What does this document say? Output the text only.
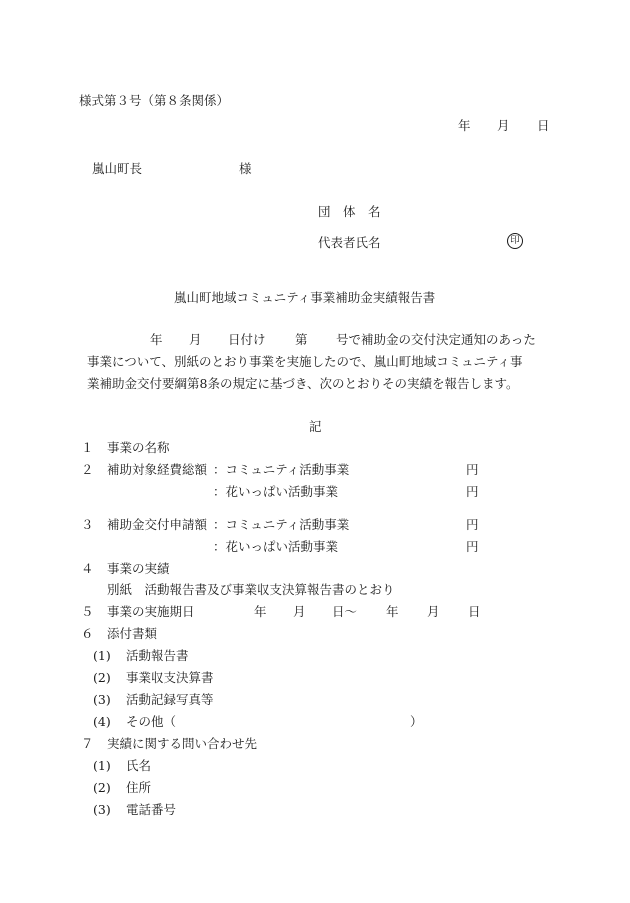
様式第３号（第８条関係）
年 月 日
嵐山町長	様
団　体　名
代表者氏名	印
嵐山町地域コミュニティ事業補助金実績報告書
年 月 日付け 第 号で補助金の交付決定通知のあった
事業について、別紙のとおり事業を実施したので、嵐山町地域コミュニティ事
業補助金交付要綱第8条の規定に基づき、次のとおりその実績を報告します。
記
１ 事業の名称
２ 補助対象経費総額 ：コミュニティ活動事業	円
：花いっぱい活動事業	円
３ 補助金交付申請額 ：コミュニティ活動事業	円
：花いっぱい活動事業	円
４ 事業の実績
別紙　活動報告書及び事業収支決算報告書のとおり
５ 事業の実施期日	年 月 日～ 年 月 日
６ 添付書類
(1) 活動報告書
(2) 事業収支決算書
(3) 活動記録写真等
(4) その他（	）
７ 実績に関する問い合わせ先
(1) 氏名
(2) 住所
(3) 電話番号
